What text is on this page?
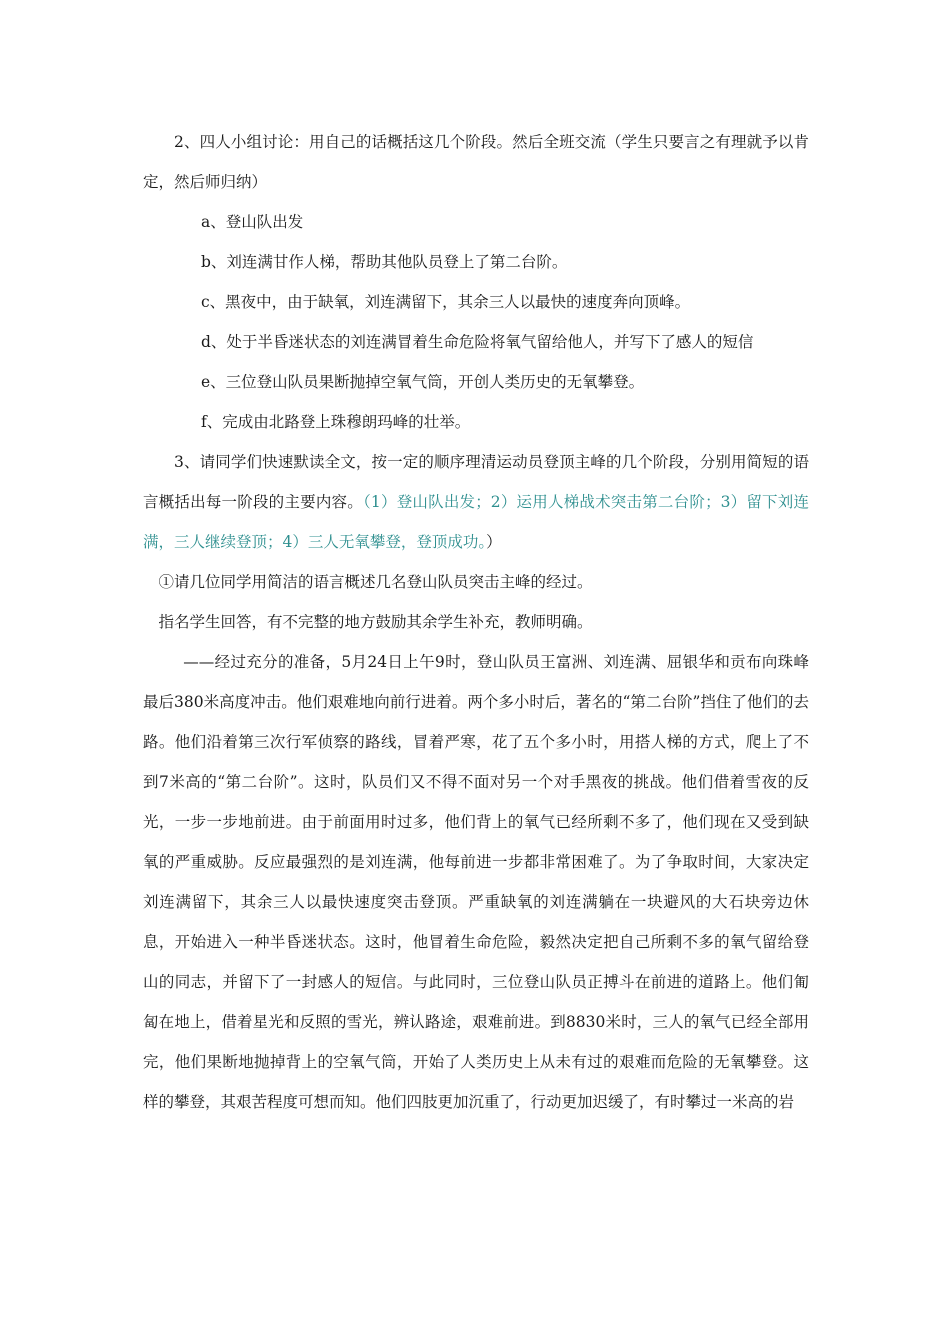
2、四人小组讨论：用自己的话概括这几个阶段。然后全班交流（学生只要言之有理就予以肯定，然后师归纳）

a、登山队出发

b、刘连满甘作人梯，帮助其他队员登上了第二台阶。

c、黑夜中，由于缺氧，刘连满留下，其余三人以最快的速度奔向顶峰。

d、处于半昏迷状态的刘连满冒着生命危险将氧气留给他人，并写下了感人的短信

e、三位登山队员果断抛掉空氧气筒，开创人类历史的无氧攀登。

f、完成由北路登上珠穆朗玛峰的壮举。

3、请同学们快速默读全文，按一定的顺序理清运动员登顶主峰的几个阶段，分别用简短的语言概括出每一阶段的主要内容。（1）登山队出发；2）运用人梯战术突击第二台阶；3）留下刘连满，三人继续登顶；4）三人无氧攀登，登顶成功。）

①请几位同学用简洁的语言概述几名登山队员突击主峰的经过。

指名学生回答，有不完整的地方鼓励其余学生补充，教师明确。

——经过充分的准备，5月24日上午9时，登山队员王富洲、刘连满、屈银华和贡布向珠峰最后380米高度冲击。他们艰难地向前行进着。两个多小时后，著名的“第二台阶”挡住了他们的去路。他们沿着第三次行军侦察的路线，冒着严寒，花了五个多小时，用搭人梯的方式，爬上了不到7米高的“第二台阶”。这时，队员们又不得不面对另一个对手黑夜的挑战。他们借着雪夜的反光，一步一步地前进。由于前面用时过多，他们背上的氧气已经所剩不多了，他们现在又受到缺氧的严重威胁。反应最强烈的是刘连满，他每前进一步都非常困难了。为了争取时间，大家决定刘连满留下，其余三人以最快速度突击登顶。严重缺氧的刘连满躺在一块避风的大石块旁边休息，开始进入一种半昏迷状态。这时，他冒着生命危险，毅然决定把自己所剩不多的氧气留给登山的同志，并留下了一封感人的短信。与此同时，三位登山队员正搏斗在前进的道路上。他们匍匐在地上，借着星光和反照的雪光，辨认路途，艰难前进。到8830米时，三人的氧气已经全部用完，他们果断地抛掉背上的空氧气筒，开始了人类历史上从未有过的艰难而危险的无氧攀登。这样的攀登，其艰苦程度可想而知。他们四肢更加沉重了，行动更加迟缓了，有时攀过一米高的岩
